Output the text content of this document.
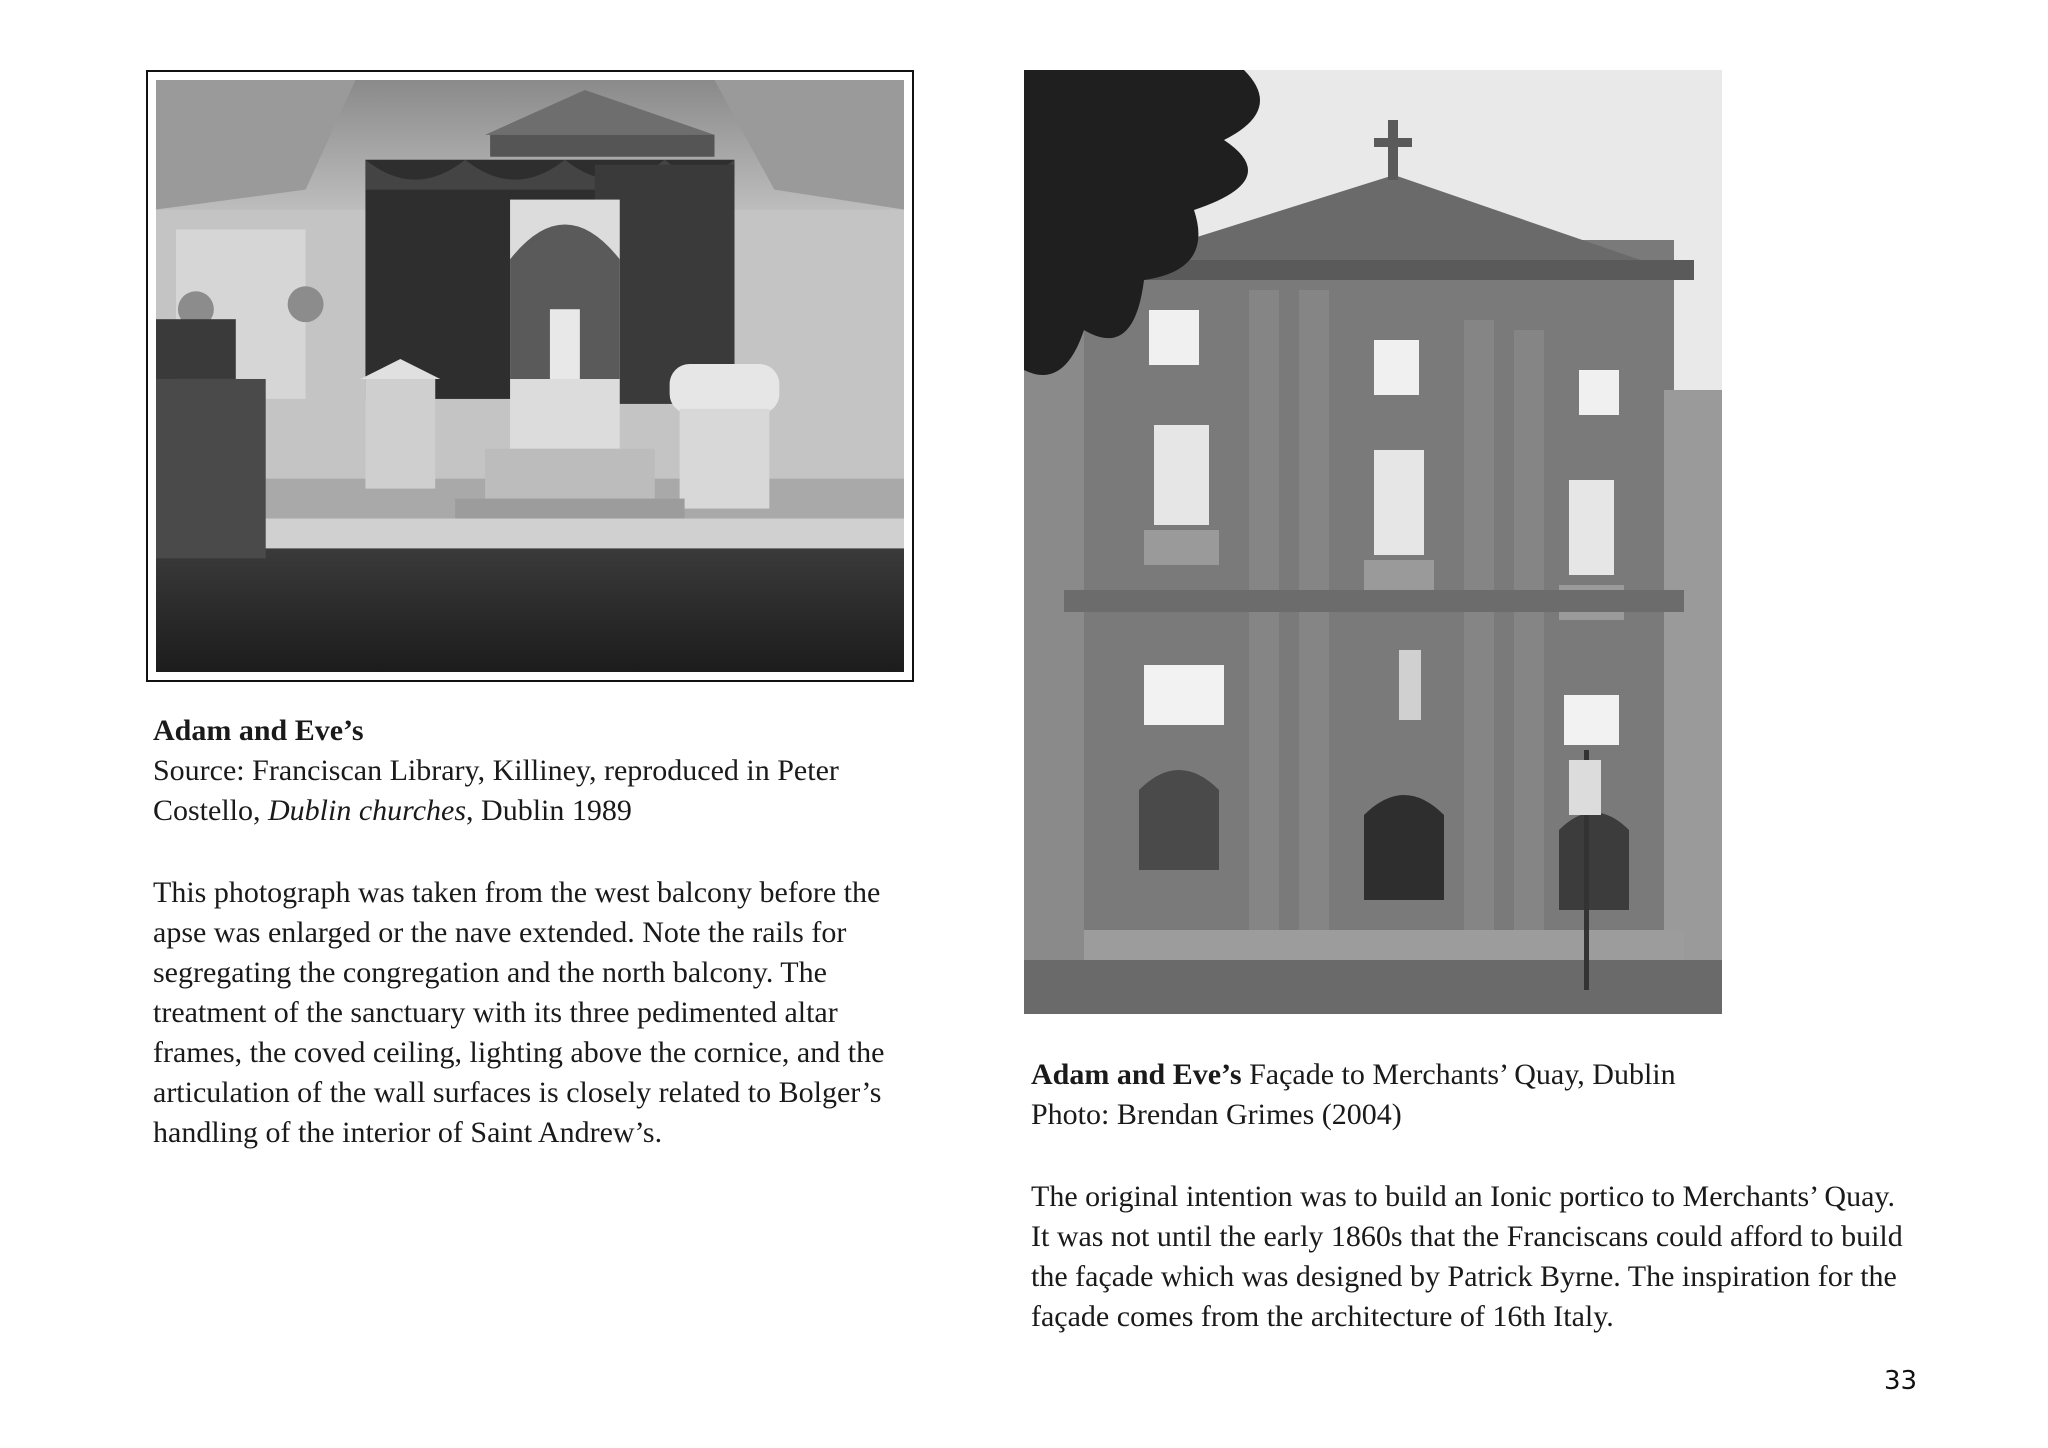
Adam and Eve’s

Source: Franciscan Library, Killiney, reproduced in Peter

Costello, Dublin churches, Dublin 1989

This photograph was taken from the west balcony before the

apse was enlarged or the nave extended. Note the rails for

segregating the congregation and the north balcony. The

treatment of the sanctuary with its three pedimented altar

frames, the coved ceiling, lighting above the cornice, and the

articulation of the wall surfaces is closely related to Bolger’s

handling of the interior of Saint Andrew’s.

Adam and Eve’s Façade to Merchants’ Quay, Dublin

Photo: Brendan Grimes (2004)

The original intention was to build an Ionic portico to Merchants’ Quay.

It was not until the early 1860s that the Franciscans could afford to build

the façade which was designed by Patrick Byrne. The inspiration for the

façade comes from the architecture of 16th Italy.

33
